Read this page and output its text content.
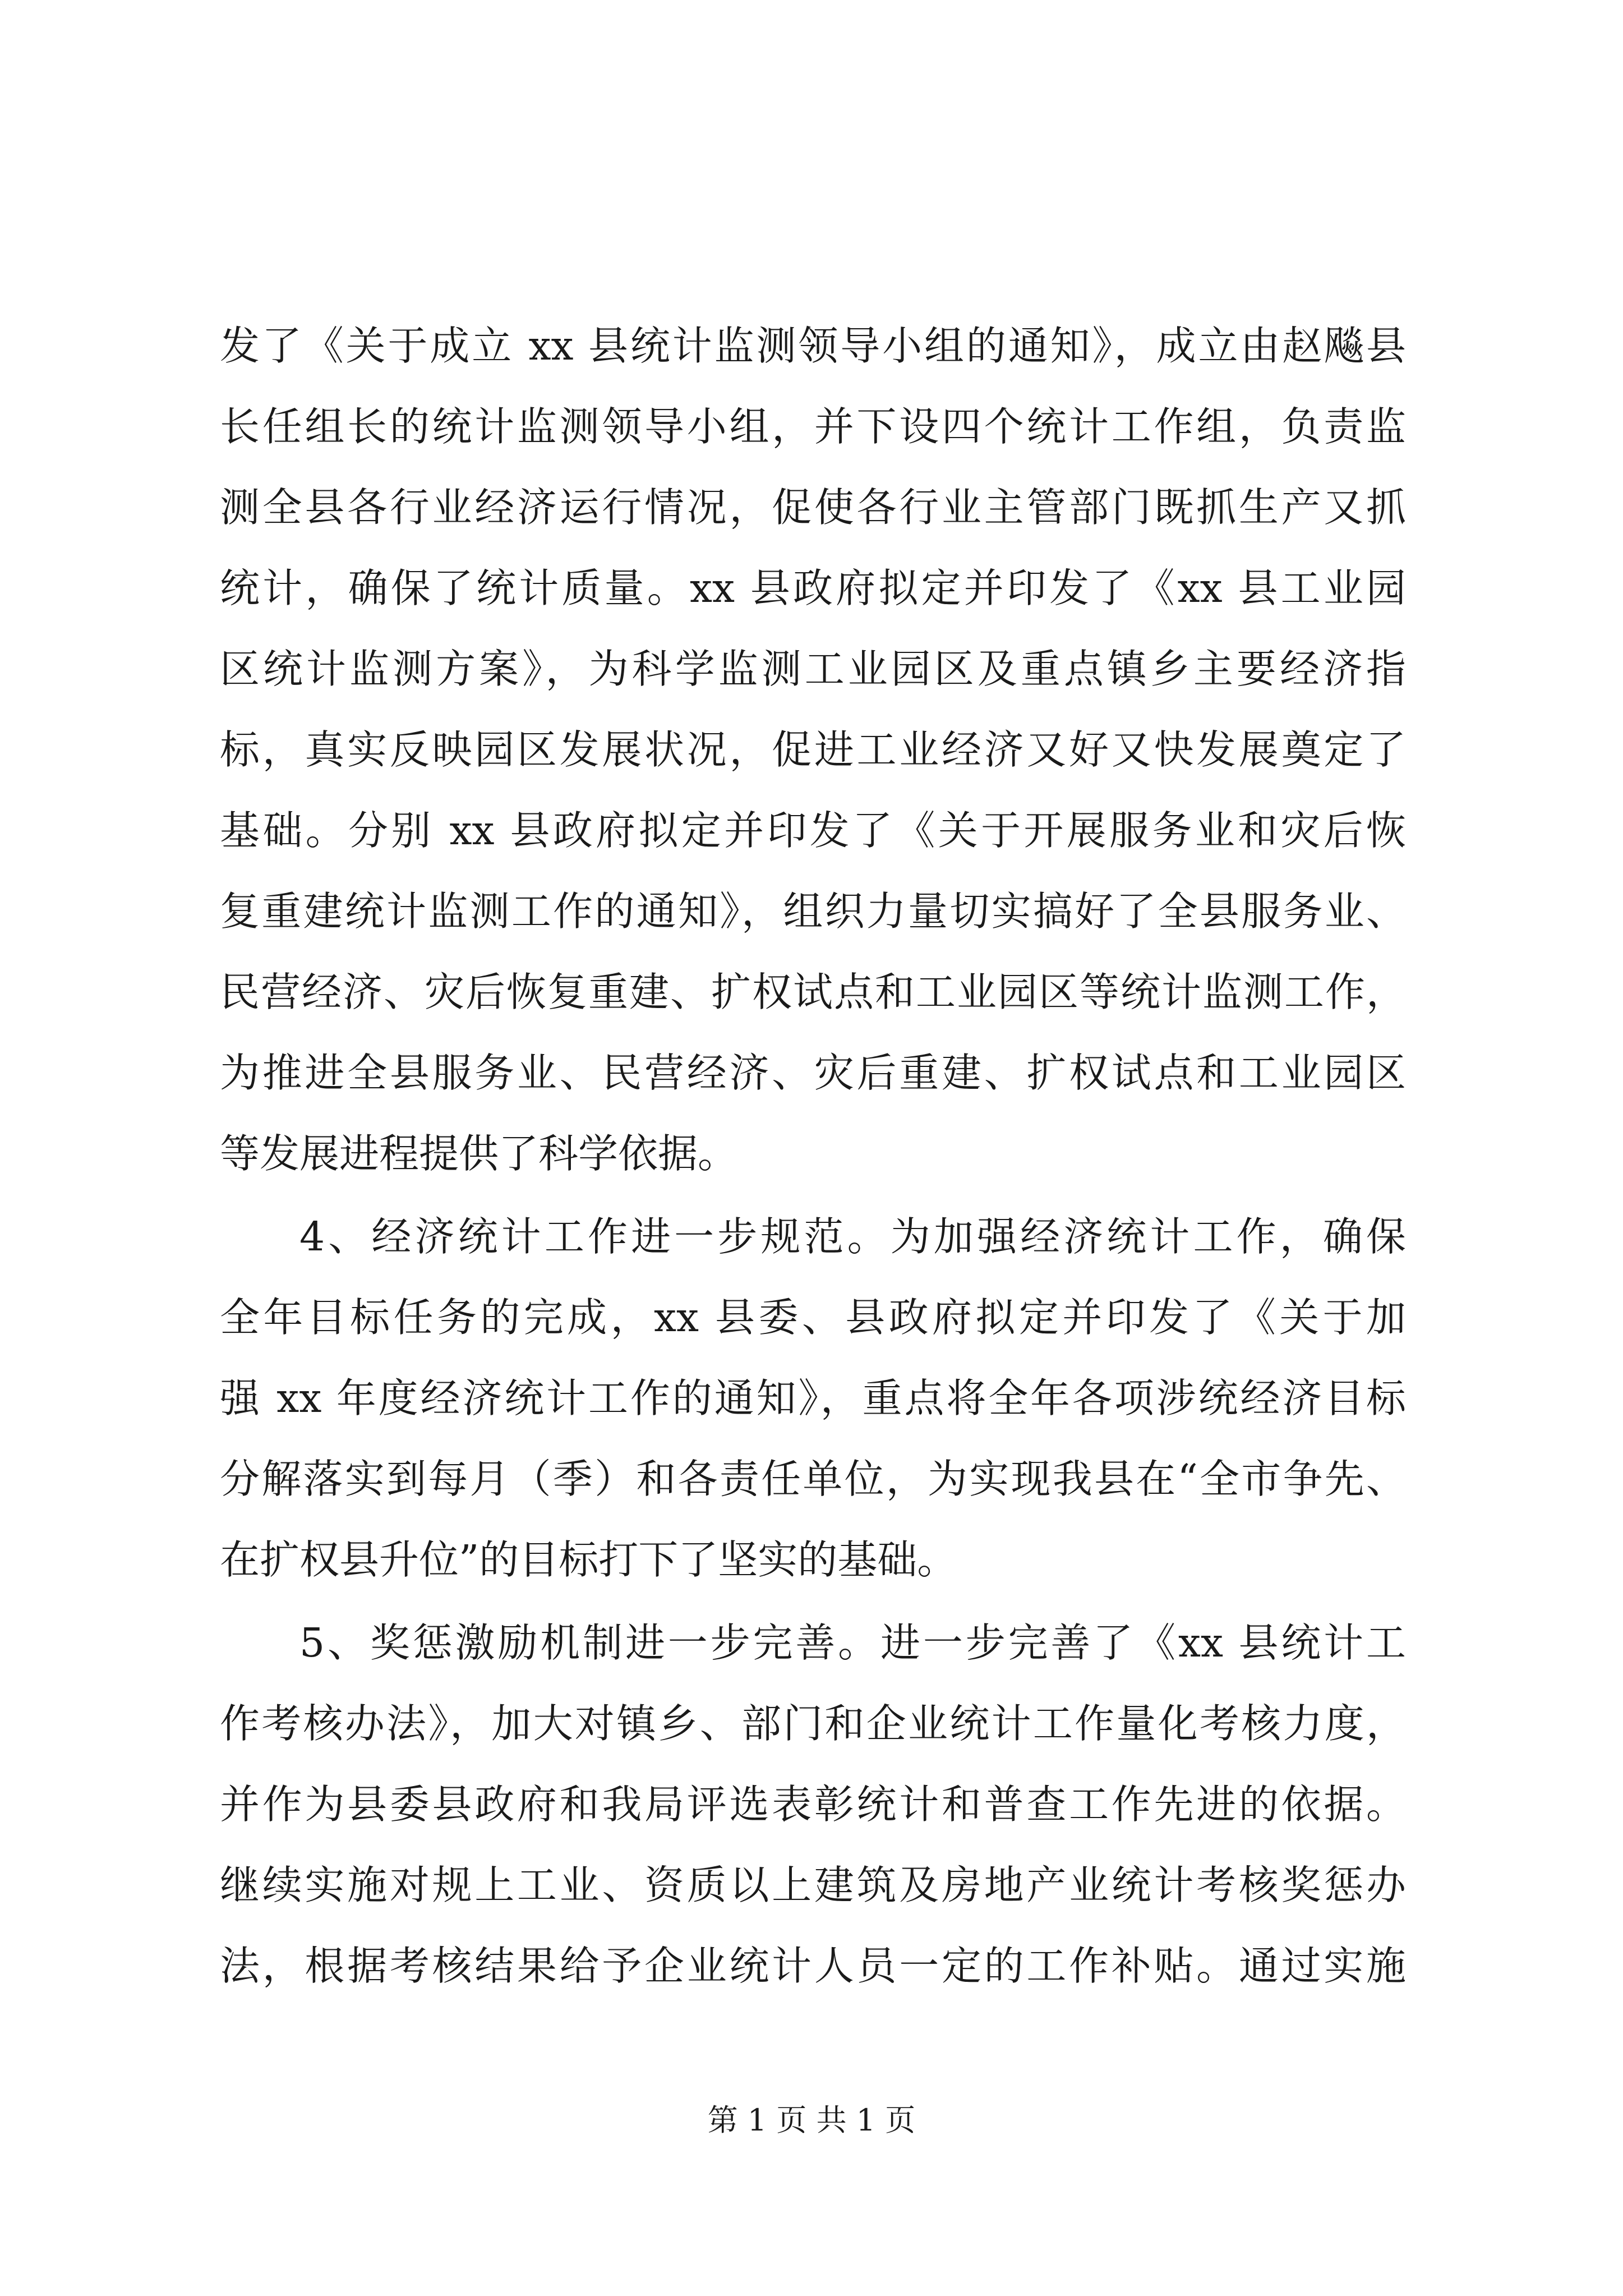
发了《关于成立 xx 县统计监测领导小组的通知》，成立由赵飚县
长任组长的统计监测领导小组，并下设四个统计工作组，负责监
测全县各行业经济运行情况，促使各行业主管部门既抓生产又抓
统计，确保了统计质量。xx 县政府拟定并印发了《xx 县工业园
区统计监测方案》，为科学监测工业园区及重点镇乡主要经济指
标，真实反映园区发展状况，促进工业经济又好又快发展奠定了
基础。分别 xx 县政府拟定并印发了《关于开展服务业和灾后恢
复重建统计监测工作的通知》，组织力量切实搞好了全县服务业、
民营经济、灾后恢复重建、扩权试点和工业园区等统计监测工作，
为推进全县服务业、民营经济、灾后重建、扩权试点和工业园区
等发展进程提供了科学依据。
4、经济统计工作进一步规范。为加强经济统计工作，确保
全年目标任务的完成，xx 县委、县政府拟定并印发了《关于加
强 xx 年度经济统计工作的通知》，重点将全年各项涉统经济目标
分解落实到每月（季）和各责任单位，为实现我县在“全市争先、
在扩权县升位”的目标打下了坚实的基础。
5、奖惩激励机制进一步完善。进一步完善了《xx 县统计工
作考核办法》，加大对镇乡、部门和企业统计工作量化考核力度，
并作为县委县政府和我局评选表彰统计和普查工作先进的依据。
继续实施对规上工业、资质以上建筑及房地产业统计考核奖惩办
法，根据考核结果给予企业统计人员一定的工作补贴。通过实施
第 1 页 共 1 页
